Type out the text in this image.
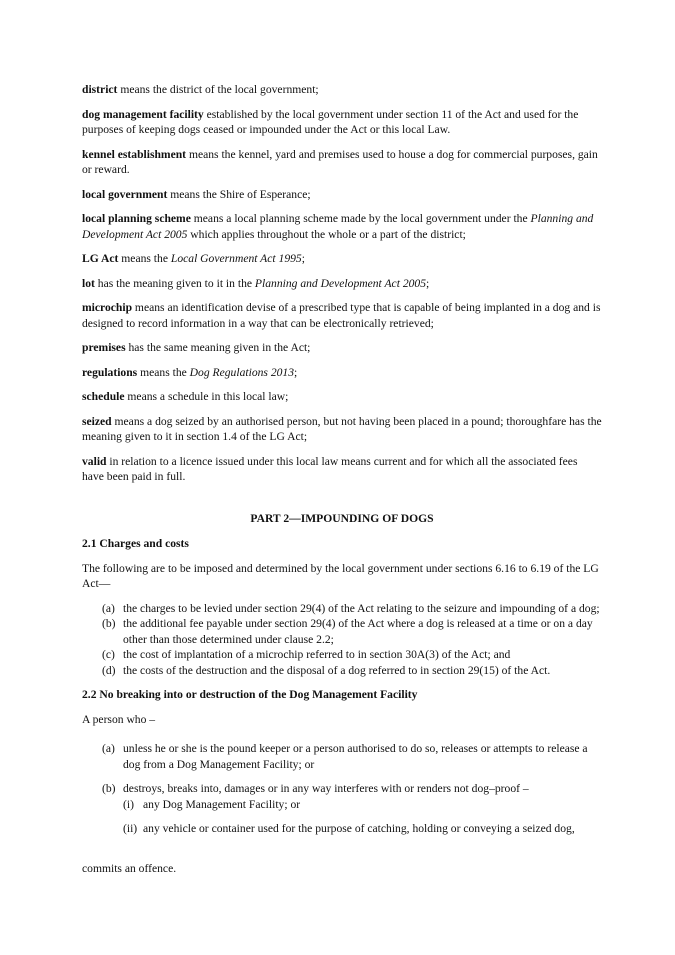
district means the district of the local government;

dog management facility established by the local government under section 11 of the Act and used for the purposes of keeping dogs ceased or impounded under the Act or this local Law.

kennel establishment means the kennel, yard and premises used to house a dog for commercial purposes, gain or reward.

local government means the Shire of Esperance;

local planning scheme means a local planning scheme made by the local government under the Planning and Development Act 2005 which applies throughout the whole or a part of the district;

LG Act means the Local Government Act 1995;

lot has the meaning given to it in the Planning and Development Act 2005;

microchip means an identification devise of a prescribed type that is capable of being implanted in a dog and is designed to record information in a way that can be electronically retrieved;

premises has the same meaning given in the Act;

regulations means the Dog Regulations 2013;

schedule means a schedule in this local law;

seized means a dog seized by an authorised person, but not having been placed in a pound; thoroughfare has the meaning given to it in section 1.4 of the LG Act;

valid in relation to a licence issued under this local law means current and for which all the associated fees have been paid in full.

PART 2—IMPOUNDING OF DOGS
2.1 Charges and costs

The following are to be imposed and determined by the local government under sections 6.16 to 6.19 of the LG Act—

(a) the charges to be levied under section 29(4) of the Act relating to the seizure and impounding of a dog;
(b) the additional fee payable under section 29(4) of the Act where a dog is released at a time or on a day other than those determined under clause 2.2;
(c) the cost of implantation of a microchip referred to in section 30A(3) of the Act; and
(d) the costs of the destruction and the disposal of a dog referred to in section 29(15) of the Act.
2.2 No breaking into or destruction of the Dog Management Facility

A person who –

(a) unless he or she is the pound keeper or a person authorised to do so, releases or attempts to release a dog from a Dog Management Facility; or
(b) destroys, breaks into, damages or in any way interferes with or renders not dog–proof –
(i) any Dog Management Facility; or
(ii) any vehicle or container used for the purpose of catching, holding or conveying a seized dog,

commits an offence.
